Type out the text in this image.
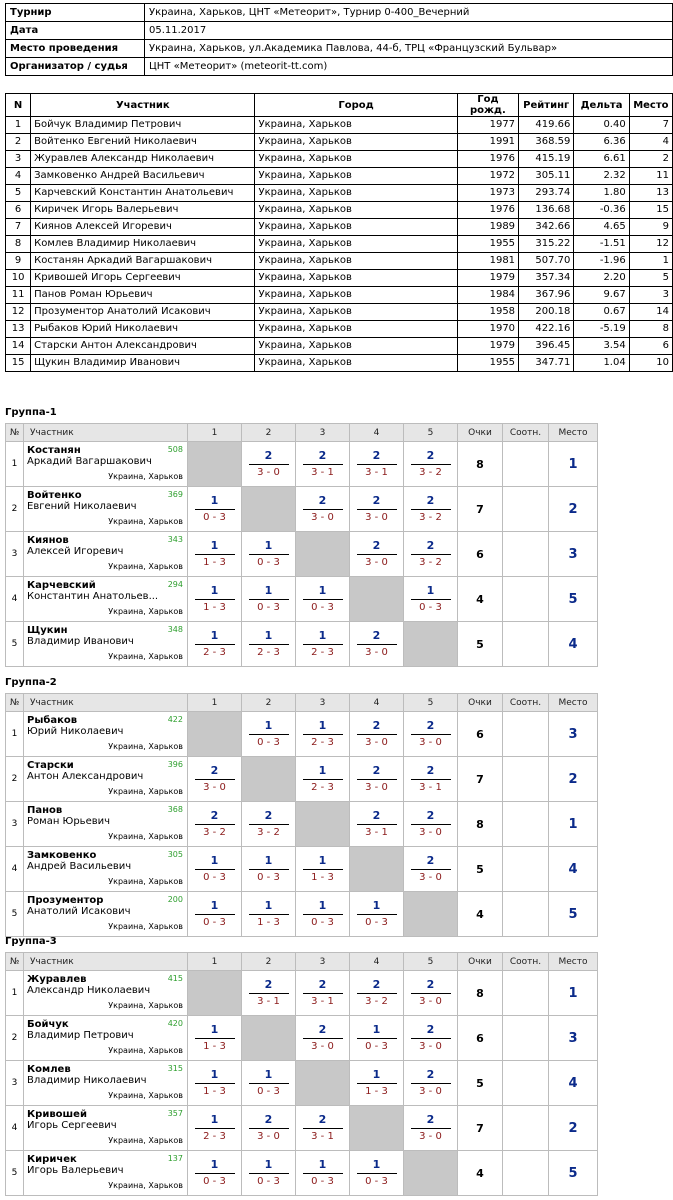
Турнир	Украина, Харьков, ЦНТ «Метеорит», Турнир 0-400_Вечерний
Дата	05.11.2017
Место проведения	Украина, Харьков, ул.Академика Павлова, 44-б, ТРЦ «Французский Бульвар»
Организатор / судья	ЦНТ «Метеорит» (meteorit-tt.com)
N	Участник	Город	Год рожд.	Рейтинг	Дельта	Место
1	Бойчук Владимир Петрович	Украина, Харьков	1977	419.66	0.40	7
2	Войтенко Евгений Николаевич	Украина, Харьков	1991	368.59	6.36	4
3	Журавлев Александр Николаевич	Украина, Харьков	1976	415.19	6.61	2
4	Замковенко Андрей Васильевич	Украина, Харьков	1972	305.11	2.32	11
5	Карчевский Константин Анатольевич	Украина, Харьков	1973	293.74	1.80	13
6	Киричек Игорь Валерьевич	Украина, Харьков	1976	136.68	-0.36	15
7	Киянов Алексей Игоревич	Украина, Харьков	1989	342.66	4.65	9
8	Комлев Владимир Николаевич	Украина, Харьков	1955	315.22	-1.51	12
9	Костанян Аркадий Вагаршакович	Украина, Харьков	1981	507.70	-1.96	1
10	Кривошей Игорь Сергеевич	Украина, Харьков	1979	357.34	2.20	5
11	Панов Роман Юрьевич	Украина, Харьков	1984	367.96	9.67	3
12	Прозументор Анатолий Исакович	Украина, Харьков	1958	200.18	0.67	14
13	Рыбаков Юрий Николаевич	Украина, Харьков	1970	422.16	-5.19	8
14	Старски Антон Александрович	Украина, Харьков	1979	396.45	3.54	6
15	Щукин Владимир Иванович	Украина, Харьков	1955	347.71	1.04	10
Группа-1
№	Участник	1	2	3	4	5	Очки	Соотн.	Место
1	Костанян
Аркадий Вагаршакович
508
Украина, Харьков		2
3 - 0	2
3 - 1	2
3 - 1	2
3 - 2	8		1
2	Войтенко
Евгений Николаевич
369
Украина, Харьков	1
0 - 3		2
3 - 0	2
3 - 0	2
3 - 2	7		2
3	Киянов
Алексей Игоревич
343
Украина, Харьков	1
1 - 3	1
0 - 3		2
3 - 0	2
3 - 2	6		3
4	Карчевский
Константин Анатольев...
294
Украина, Харьков	1
1 - 3	1
0 - 3	1
0 - 3		1
0 - 3	4		5
5	Щукин
Владимир Иванович
348
Украина, Харьков	1
2 - 3	1
2 - 3	1
2 - 3	2
3 - 0		5		4
Группа-2
№	Участник	1	2	3	4	5	Очки	Соотн.	Место
1	Рыбаков
Юрий Николаевич
422
Украина, Харьков		1
0 - 3	1
2 - 3	2
3 - 0	2
3 - 0	6		3
2	Старски
Антон Александрович
396
Украина, Харьков	2
3 - 0		1
2 - 3	2
3 - 0	2
3 - 1	7		2
3	Панов
Роман Юрьевич
368
Украина, Харьков	2
3 - 2	2
3 - 2		2
3 - 1	2
3 - 0	8		1
4	Замковенко
Андрей Васильевич
305
Украина, Харьков	1
0 - 3	1
0 - 3	1
1 - 3		2
3 - 0	5		4
5	Прозументор
Анатолий Исакович
200
Украина, Харьков	1
0 - 3	1
1 - 3	1
0 - 3	1
0 - 3		4		5
Группа-3
№	Участник	1	2	3	4	5	Очки	Соотн.	Место
1	Журавлев
Александр Николаевич
415
Украина, Харьков		2
3 - 1	2
3 - 1	2
3 - 2	2
3 - 0	8		1
2	Бойчук
Владимир Петрович
420
Украина, Харьков	1
1 - 3		2
3 - 0	1
0 - 3	2
3 - 0	6		3
3	Комлев
Владимир Николаевич
315
Украина, Харьков	1
1 - 3	1
0 - 3		1
1 - 3	2
3 - 0	5		4
4	Кривошей
Игорь Сергеевич
357
Украина, Харьков	1
2 - 3	2
3 - 0	2
3 - 1		2
3 - 0	7		2
5	Киричек
Игорь Валерьевич
137
Украина, Харьков	1
0 - 3	1
0 - 3	1
0 - 3	1
0 - 3		4		5
